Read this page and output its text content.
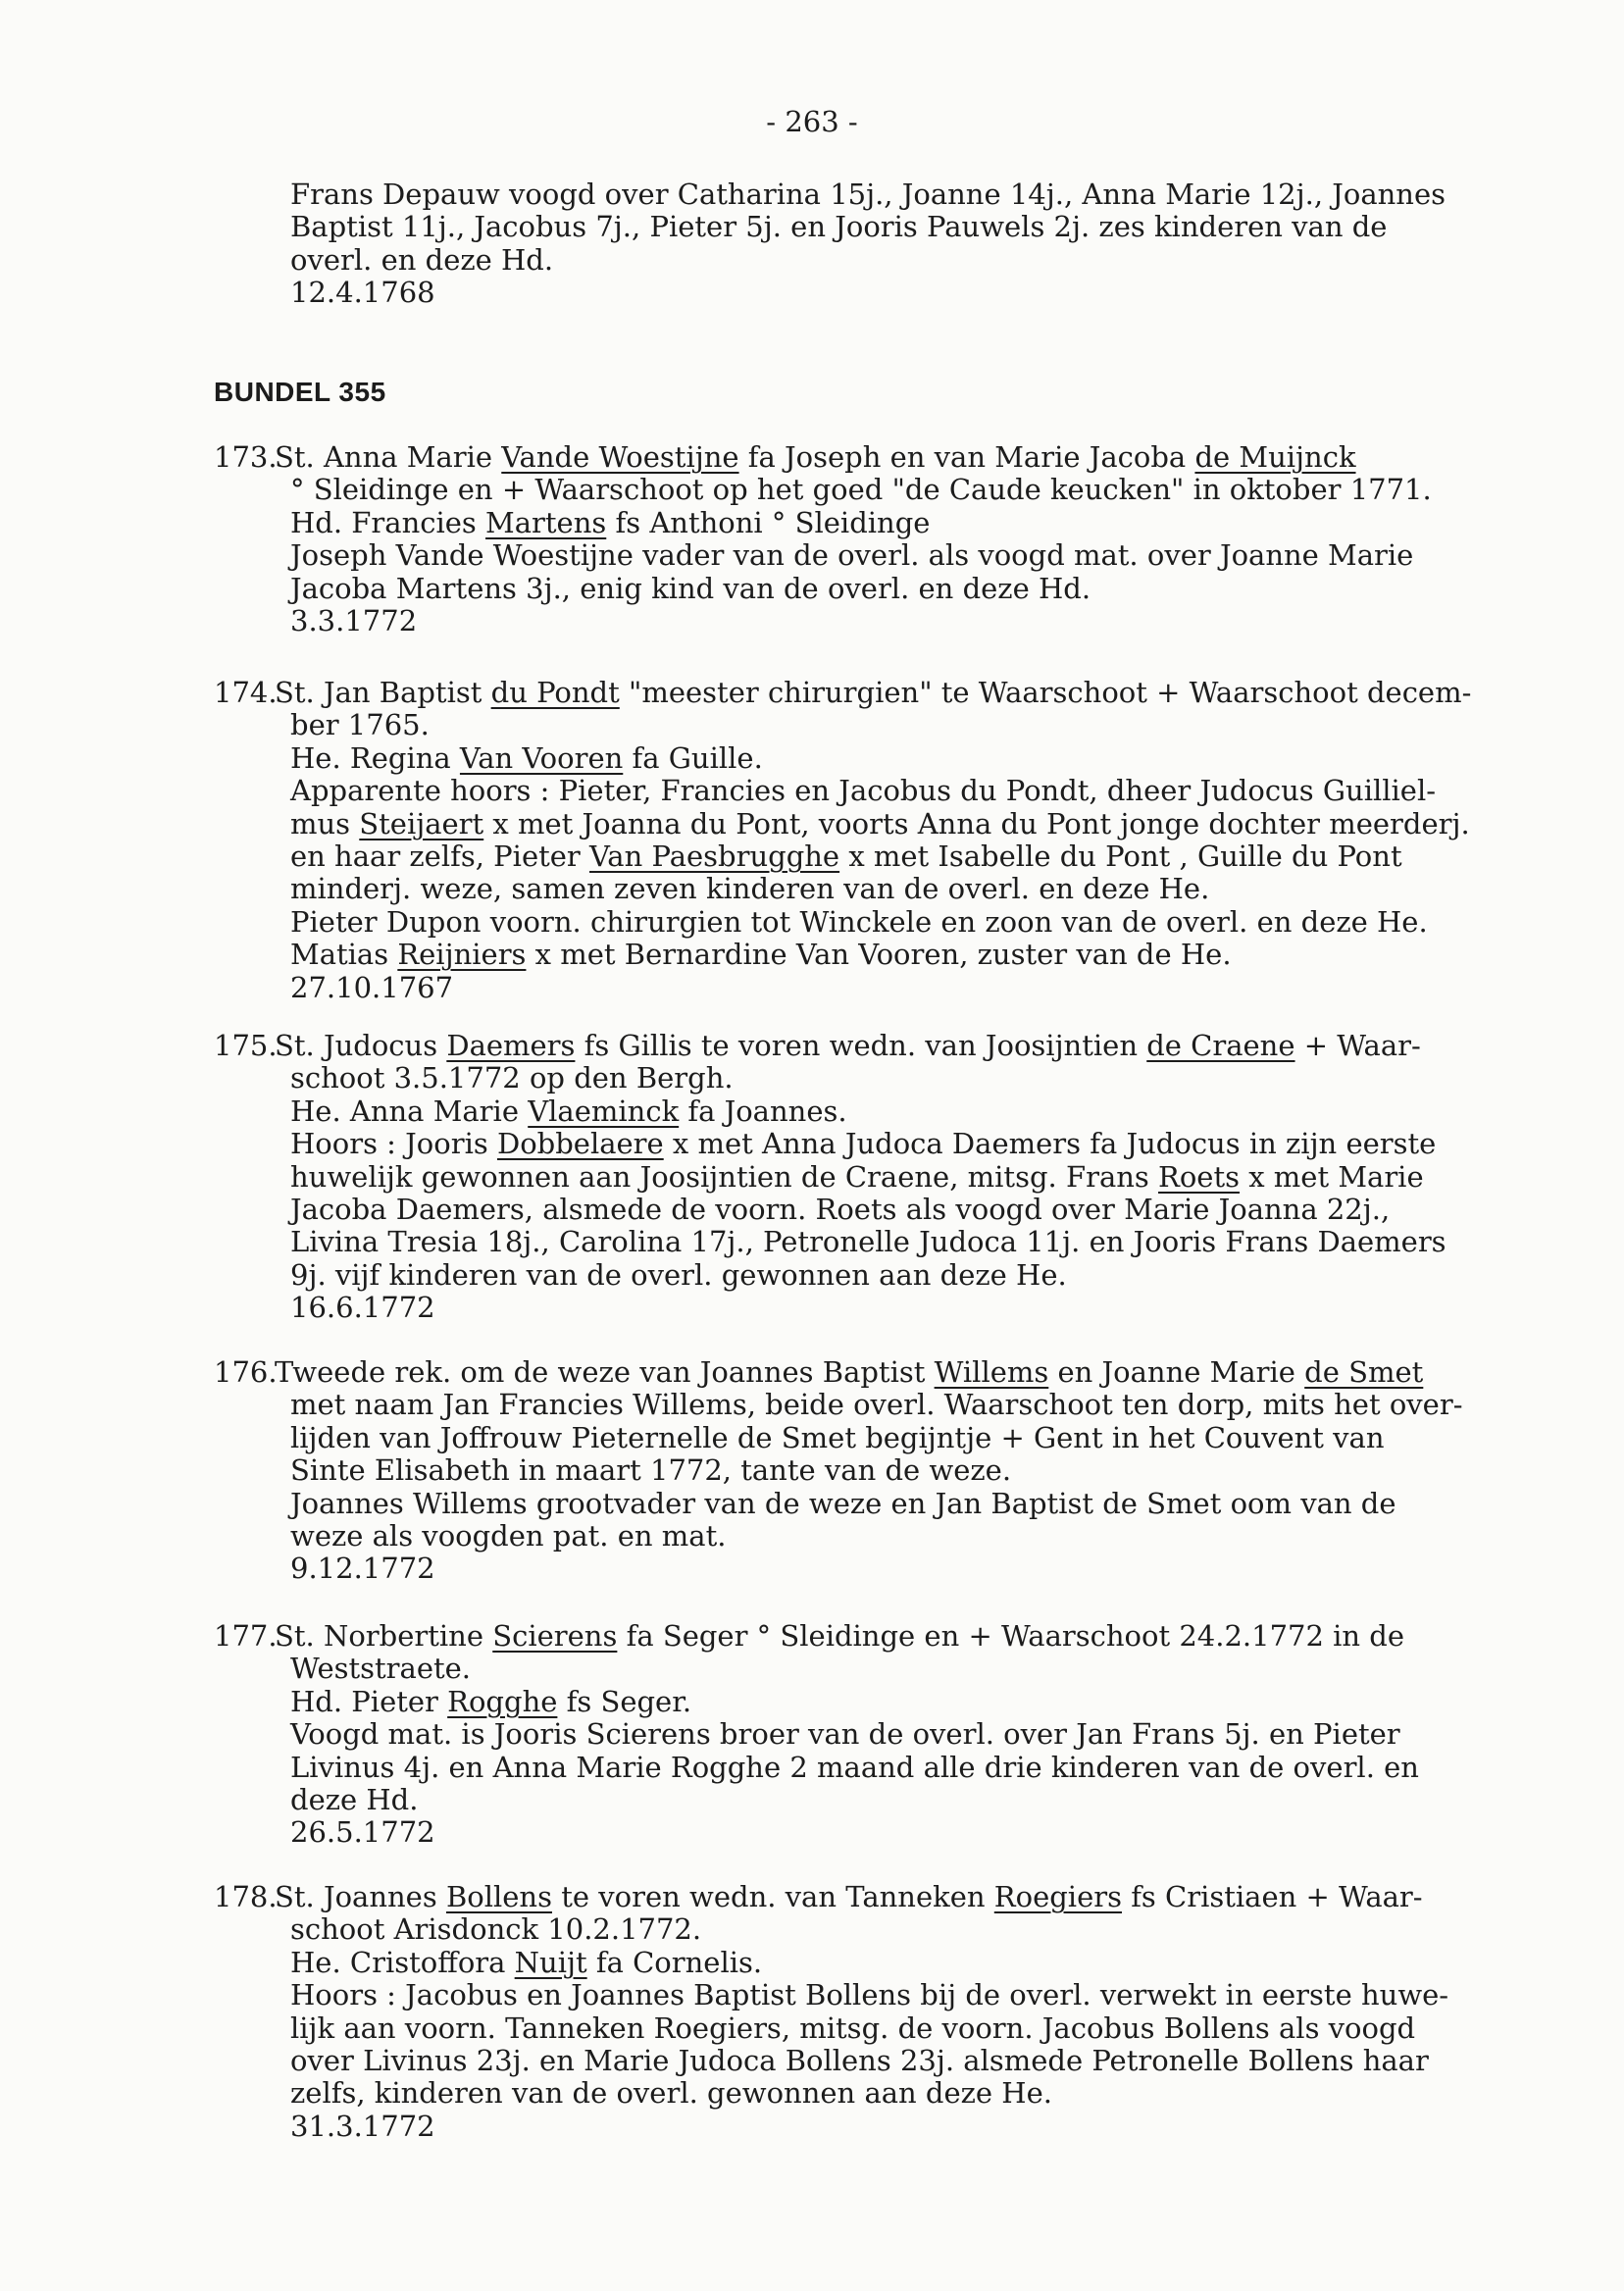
- 263 -
Frans Depauw voogd over Catharina 15j., Joanne 14j., Anna Marie 12j., Joannes
Baptist 11j., Jacobus 7j., Pieter 5j. en Jooris Pauwels 2j. zes kinderen van de
overl. en deze Hd.
12.4.1768
BUNDEL 355
173.
St. Anna Marie Vande Woestijne fa Joseph en van Marie Jacoba de Muijnck
° Sleidinge en + Waarschoot op het goed "de Caude keucken" in oktober 1771.
Hd. Francies Martens fs Anthoni ° Sleidinge
Joseph Vande Woestijne vader van de overl. als voogd mat. over Joanne Marie
Jacoba Martens 3j., enig kind van de overl. en deze Hd.
3.3.1772
174.
St. Jan Baptist du Pondt "meester chirurgien" te Waarschoot + Waarschoot decem-
ber 1765.
He. Regina Van Vooren fa Guille.
Apparente hoors : Pieter, Francies en Jacobus du Pondt, dheer Judocus Guilliel-
mus Steijaert x met Joanna du Pont, voorts Anna du Pont jonge dochter meerderj.
en haar zelfs, Pieter Van Paesbrugghe x met Isabelle du Pont , Guille du Pont
minderj. weze, samen zeven kinderen van de overl. en deze He.
Pieter Dupon voorn. chirurgien tot Winckele en zoon van de overl. en deze He.
Matias Reijniers x met Bernardine Van Vooren, zuster van de He.
27.10.1767
175.
St. Judocus Daemers fs Gillis te voren wedn. van Joosijntien de Craene + Waar-
schoot 3.5.1772 op den Bergh.
He. Anna Marie Vlaeminck fa Joannes.
Hoors : Jooris Dobbelaere x met Anna Judoca Daemers fa Judocus in zijn eerste
huwelijk gewonnen aan Joosijntien de Craene, mitsg. Frans Roets x met Marie
Jacoba Daemers, alsmede de voorn. Roets als voogd over Marie Joanna 22j.,
Livina Tresia 18j., Carolina 17j., Petronelle Judoca 11j. en Jooris Frans Daemers
9j. vijf kinderen van de overl. gewonnen aan deze He.
16.6.1772
176.
Tweede rek. om de weze van Joannes Baptist Willems en Joanne Marie de Smet
met naam Jan Francies Willems, beide overl. Waarschoot ten dorp, mits het over-
lijden van Joffrouw Pieternelle de Smet begijntje + Gent in het Couvent van
Sinte Elisabeth in maart 1772, tante van de weze.
Joannes Willems grootvader van de weze en Jan Baptist de Smet oom van de
weze als voogden pat. en mat.
9.12.1772
177.
St. Norbertine Scierens fa Seger ° Sleidinge en + Waarschoot 24.2.1772 in de
Weststraete.
Hd. Pieter Rogghe fs Seger.
Voogd mat. is Jooris Scierens broer van de overl. over Jan Frans 5j. en Pieter
Livinus 4j. en Anna Marie Rogghe 2 maand alle drie kinderen van de overl. en
deze Hd.
26.5.1772
178.
St. Joannes Bollens te voren wedn. van Tanneken Roegiers fs Cristiaen + Waar-
schoot Arisdonck 10.2.1772.
He. Cristoffora Nuijt fa Cornelis.
Hoors : Jacobus en Joannes Baptist Bollens bij de overl. verwekt in eerste huwe-
lijk aan voorn. Tanneken Roegiers, mitsg. de voorn. Jacobus Bollens als voogd
over Livinus 23j. en Marie Judoca Bollens 23j. alsmede Petronelle Bollens haar
zelfs, kinderen van de overl. gewonnen aan deze He.
31.3.1772
